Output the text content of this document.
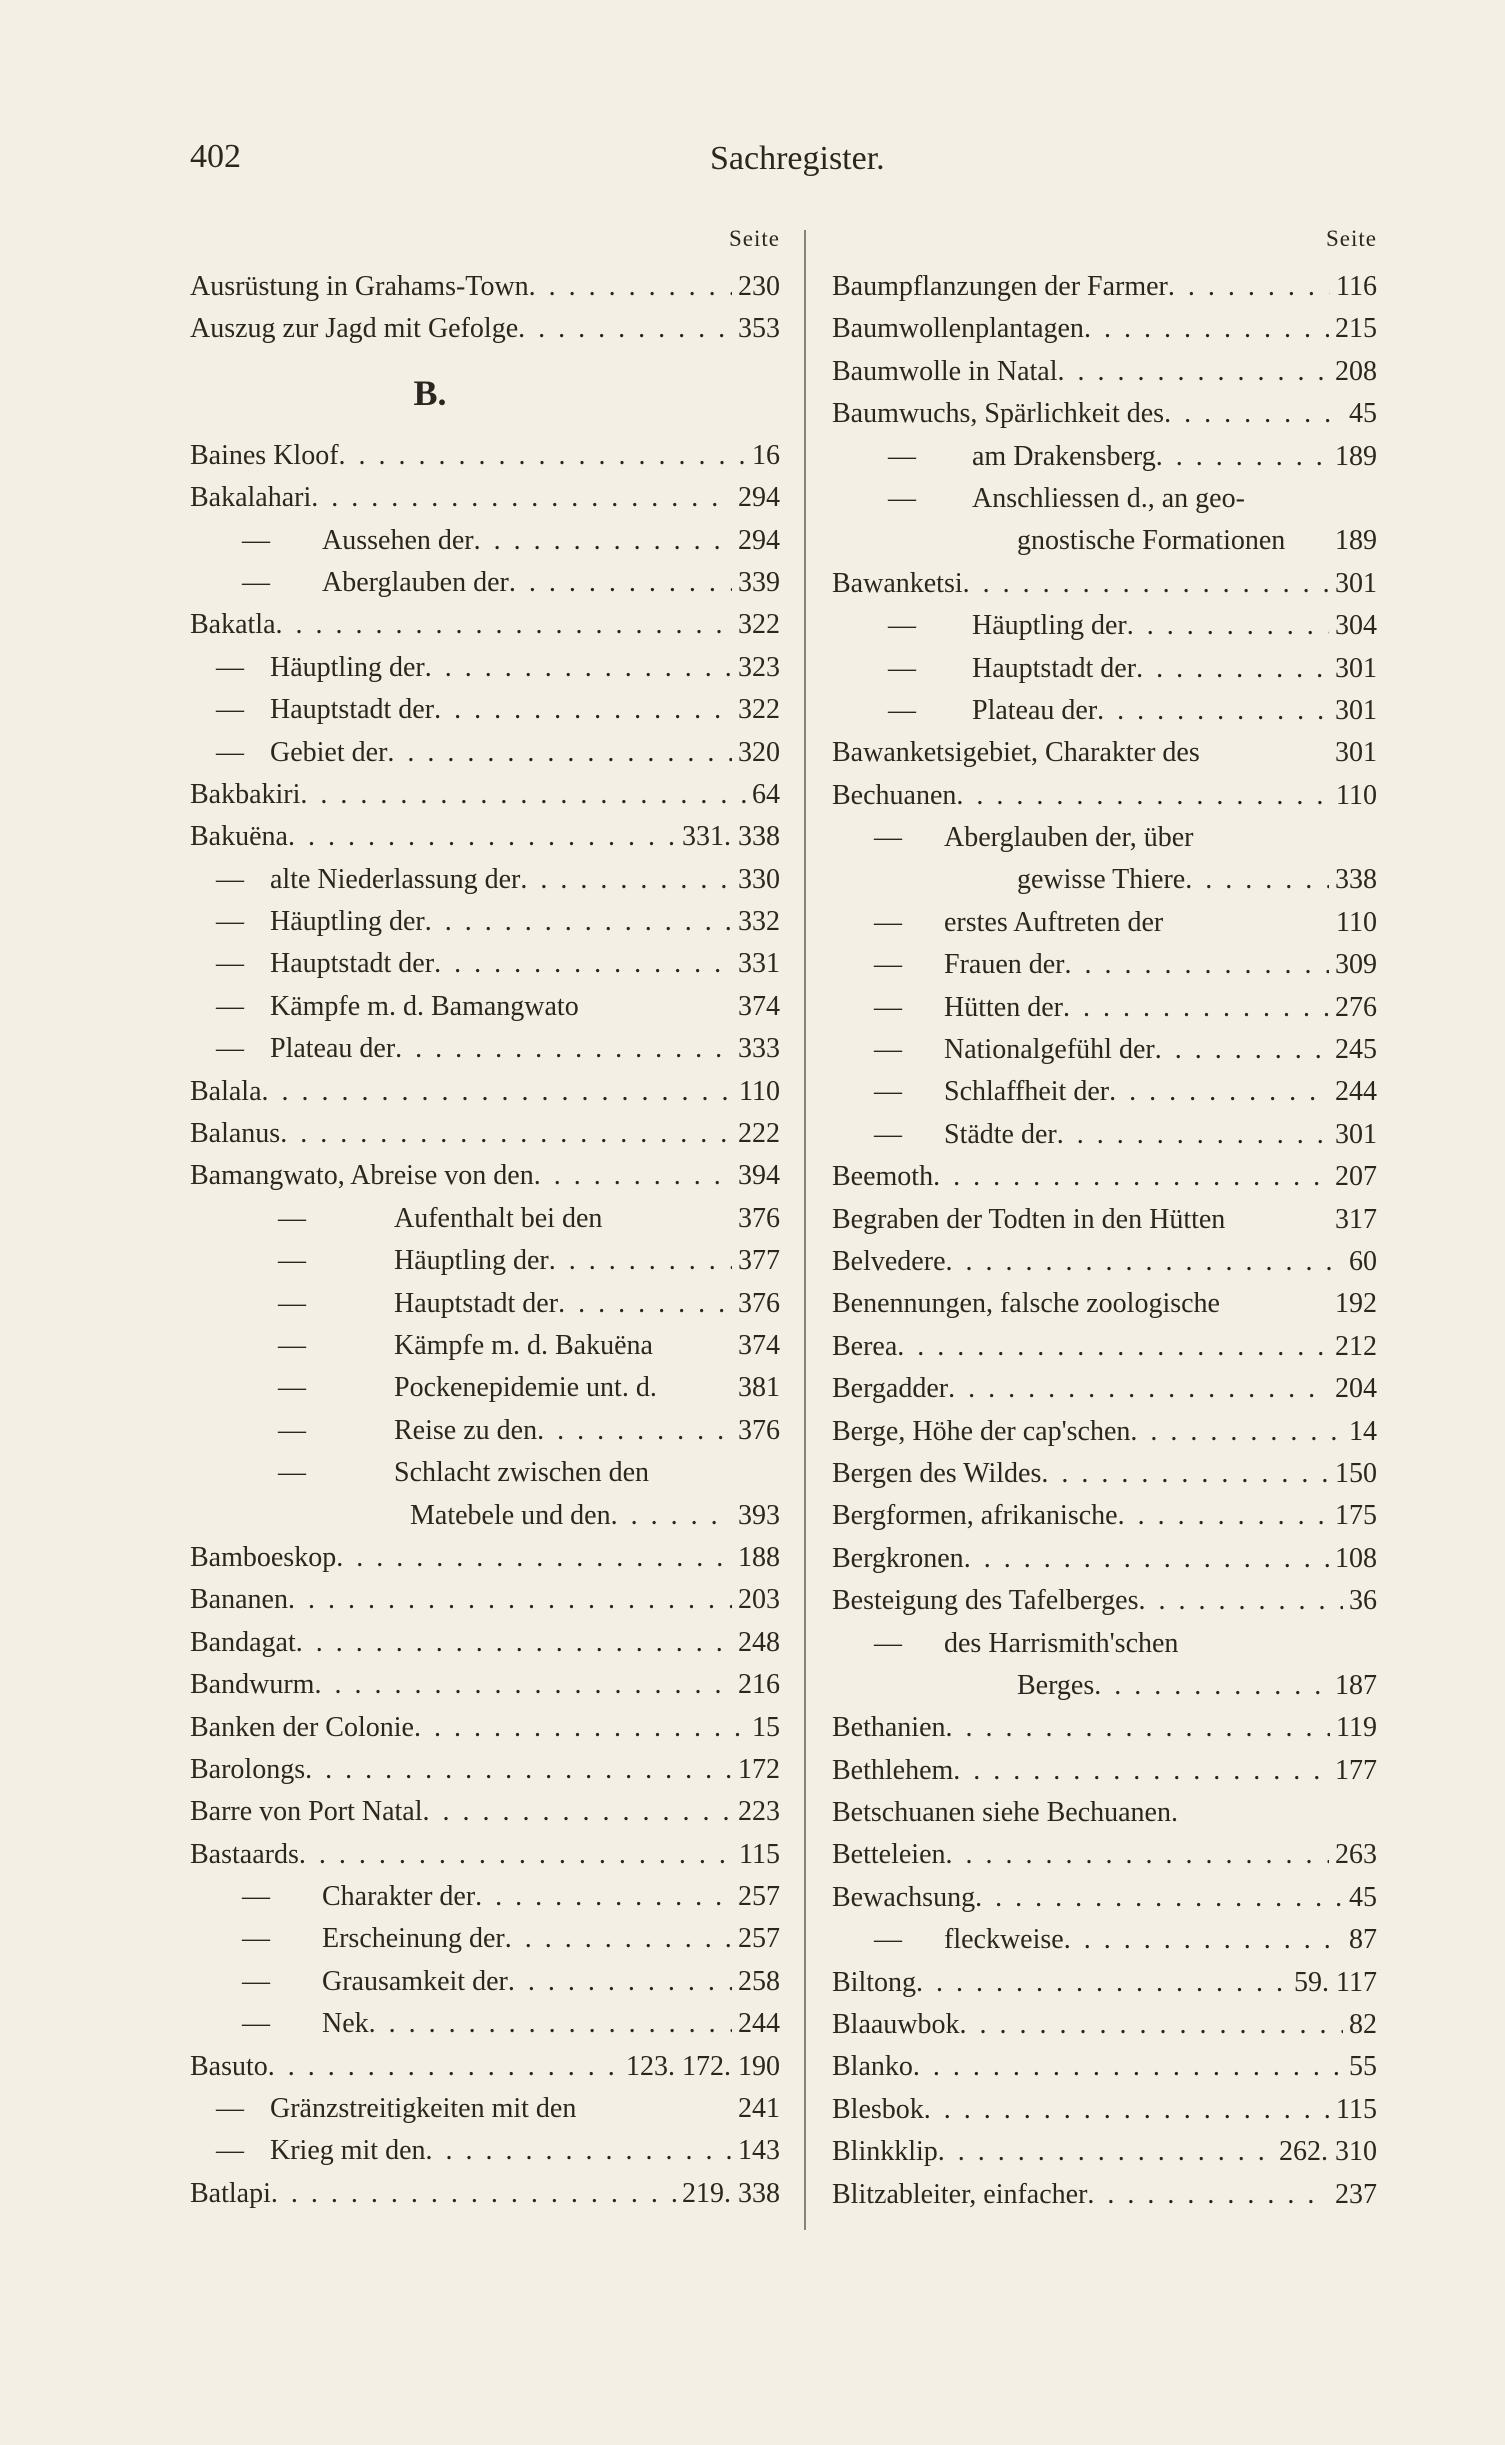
402	Sachregister.
Seite
Ausrüstung in Grahams-Town . . .	230
Auszug zur Jagd mit Gefolge . . .	353
B.
Baines Kloof . . .	16
Bakalahari . . .	294
—	Aussehen der . . .	294
—	Aberglauben der . . .	339
Bakatla . . .	322
— Häuptling der . . .	323
— Hauptstadt der . . .	322
— Gebiet der . . .	320
Bakbakiri . . .	64
Bakuëna . . .	331. 338
— alte Niederlassung der . . .	330
— Häuptling der . . .	332
— Hauptstadt der . . .	331
— Kämpfe m. d. Bamangwato	374
— Plateau der . . .	333
Balala . . .	110
Balanus . . .	222
Bamangwato, Abreise von den . . .	394
—	Aufenthalt bei den	376
—	Häuptling der . . .	377
—	Hauptstadt der . . .	376
—	Kämpfe m. d. Bakuëna	374
—	Pockenepidemie unt. d.	381
—	Reise zu den . . .	376
—	Schlacht zwischen den
Matebele und den . . .	393
Bamboeskop . . .	188
Bananen . . .	203
Bandagat . . .	248
Bandwurm . . .	216
Banken der Colonie . . .	15
Barolongs . . .	172
Barre von Port Natal . . .	223
Bastaards . . .	115
—	Charakter der . . .	257
—	Erscheinung der . . .	257
—	Grausamkeit der . . .	258
—	Nek . . .	244
Basuto . . .	123. 172. 190
— Gränzstreitigkeiten mit den	241
— Krieg mit den . . .	143
Batlapi . . .	219. 338
Seite
Baumpflanzungen der Farmer . . .	116
Baumwollenplantagen . . .	215
Baumwolle in Natal . . .	208
Baumwuchs, Spärlichkeit des . . .	45
—	am Drakensberg . . .	189
—	Anschliessen d., an geo-
gnostische Formationen 189
Bawanketsi . . .	301
—	Häuptling der . . .	304
—	Hauptstadt der . . .	301
—	Plateau der . . .	301
Bawanketsigebiet, Charakter des	301
Bechuanen . . .	110
—	Aberglauben der, über
gewisse Thiere . . .	338
—	erstes Auftreten der	110
—	Frauen der . . .	309
—	Hütten der . . .	276
—	Nationalgefühl der . . .	245
—	Schlaffheit der . . .	244
—	Städte der . . .	301
Beemoth . . .	207
Begraben der Todten in den Hütten	317
Belvedere . . .	60
Benennungen, falsche zoologische	192
Berea . . .	212
Bergadder . . .	204
Berge, Höhe der cap'schen . . .	14
Bergen des Wildes . . .	150
Bergformen, afrikanische . . .	175
Bergkronen . . .	108
Besteigung des Tafelberges . . .	36
—	des Harrismith'schen
Berges . . .	187
Bethanien . . .	119
Bethlehem . . .	177
Betschuanen siehe Bechuanen.
Betteleien . . .	263
Bewachsung . . .	45
—	fleckweise . . .	87
Biltong . . .	59. 117
Blaauwbok . . .	82
Blanko . . .	55
Blesbok . . .	115
Blinkklip . . .	262. 310
Blitzableiter, einfacher . . .	237
